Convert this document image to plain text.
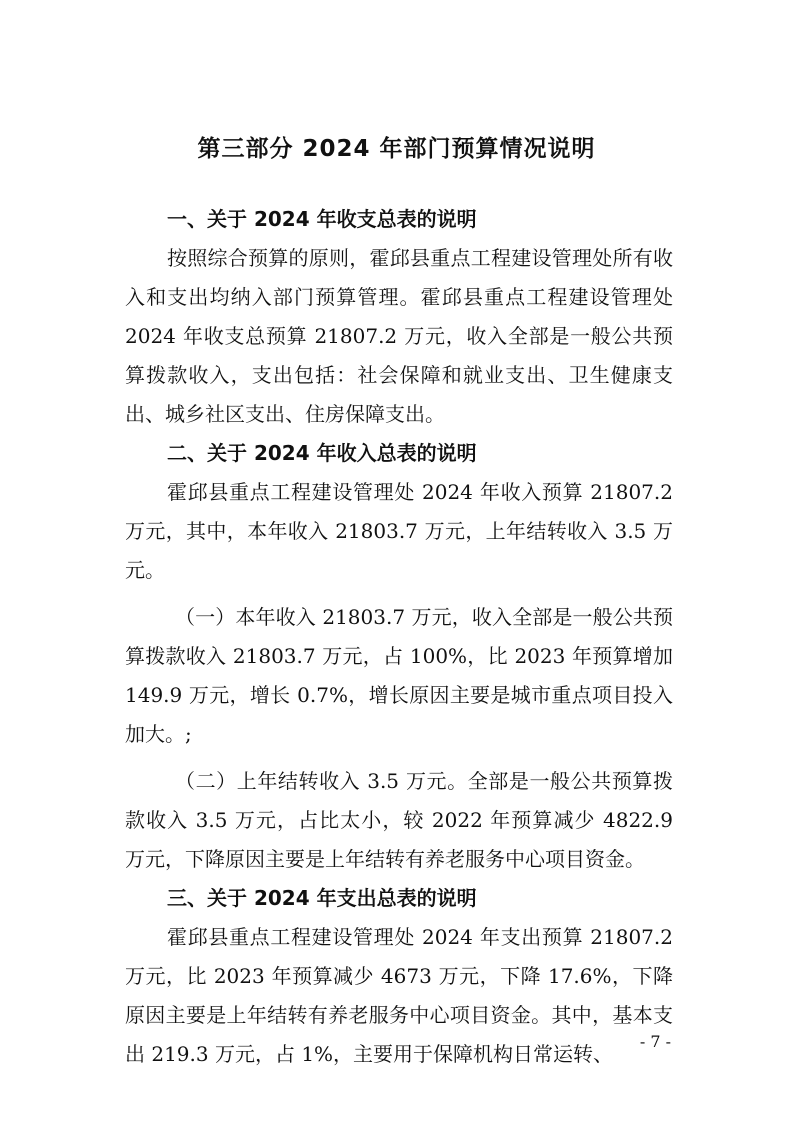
第三部分 2024 年部门预算情况说明

一、关于 2024 年收支总表的说明

按照综合预算的原则，霍邱县重点工程建设管理处所有收入和支出均纳入部门预算管理。霍邱县重点工程建设管理处 2024 年收支总预算 21807.2 万元，收入全部是一般公共预算拨款收入，支出包括：社会保障和就业支出、卫生健康支出、城乡社区支出、住房保障支出。

二、关于 2024 年收入总表的说明

霍邱县重点工程建设管理处 2024 年收入预算 21807.2 万元，其中，本年收入 21803.7 万元，上年结转收入 3.5 万元。

（一）本年收入 21803.7 万元，收入全部是一般公共预算拨款收入 21803.7 万元，占 100%，比 2023 年预算增加 149.9 万元，增长 0.7%，增长原因主要是城市重点项目投入加大。;

（二）上年结转收入 3.5 万元。全部是一般公共预算拨款收入 3.5 万元，占比太小，较 2022 年预算减少 4822.9 万元，下降原因主要是上年结转有养老服务中心项目资金。

三、关于 2024 年支出总表的说明

霍邱县重点工程建设管理处 2024 年支出预算 21807.2 万元，比 2023 年预算减少 4673 万元，下降 17.6%，下降原因主要是上年结转有养老服务中心项目资金。其中，基本支出 219.3 万元，占 1%，主要用于保障机构日常运转、

- 7 -
